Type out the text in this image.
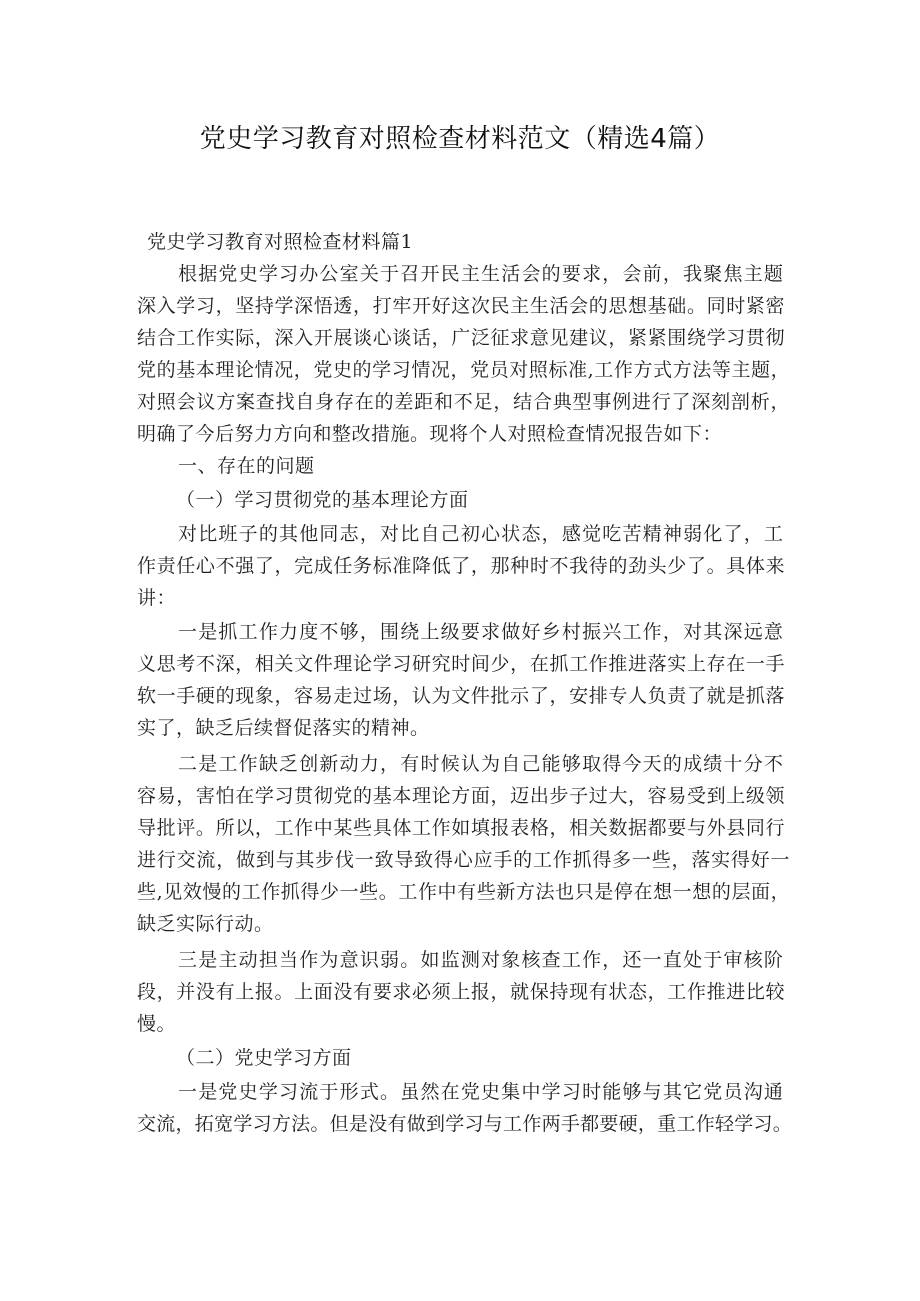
党史学习教育对照检查材料范文（精选4篇）
党史学习教育对照检查材料篇1
根 据 党 史 学 习 办 公 室 关 于 召 开 民 主 生 活 会 的 要 求 ， 会 前 ， 我 聚 焦 主 题
深 入 学 习 ， 坚 持 学 深 悟 透 ， 打 牢 开 好 这 次 民 主 生 活 会 的 思 想 基 础 。 同 时 紧 密
结 合 工 作 实 际 ， 深 入 开 展 谈 心 谈 话 ， 广 泛 征 求 意 见 建 议 ， 紧 紧 围 绕 学 习 贯 彻
党 的 基 本 理 论 情 况 ， 党 史 的 学 习 情 况 ， 党 员 对 照 标 准 , 工 作 方 式 方 法 等 主 题 ，
对 照 会 议 方 案 查 找 自 身 存 在 的 差 距 和 不 足 ， 结 合 典 型 事 例 进 行 了 深 刻 剖 析 ，
明确了今后努力方向和整改措施。现将个人对照检查情况报告如下：
一、存在的问题
（一）学习贯彻党的基本理论方面
对 比 班 子 的 其 他 同 志 ， 对 比 自 己 初 心 状 态 ， 感 觉 吃 苦 精 神 弱 化 了 ， 工
作 责 任 心 不 强 了 ， 完 成 任 务 标 准 降 低 了 ， 那 种 时 不 我 待 的 劲 头 少 了 。 具 体 来
讲：
一 是 抓 工 作 力 度 不 够 ， 围 绕 上 级 要 求 做 好 乡 村 振 兴 工 作 ， 对 其 深 远 意
义 思 考 不 深 ， 相 关 文 件 理 论 学 习 研 究 时 间 少 ， 在 抓 工 作 推 进 落 实 上 存 在 一 手
软 一 手 硬 的 现 象 ， 容 易 走 过 场 ， 认 为 文 件 批 示 了 ， 安 排 专 人 负 责 了 就 是 抓 落
实了，缺乏后续督促落实的精神。
二 是 工 作 缺 乏 创 新 动 力 ， 有 时 候 认 为 自 己 能 够 取 得 今 天 的 成 绩 十 分 不
容 易 ， 害 怕 在 学 习 贯 彻 党 的 基 本 理 论 方 面 ， 迈 出 步 子 过 大 ， 容 易 受 到 上 级 领
导 批 评 。 所 以 ， 工 作 中 某 些 具 体 工 作 如 填 报 表 格 ， 相 关 数 据 都 要 与 外 县 同 行
进 行 交 流 ， 做 到 与 其 步 伐 一 致 导 致 得 心 应 手 的 工 作 抓 得 多 一 些 ， 落 实 得 好 一
些 , 见 效 慢 的 工 作 抓 得 少 一 些 。 工 作 中 有 些 新 方 法 也 只 是 停 在 想 一 想 的 层 面 ，
缺乏实际行动。
三 是 主 动 担 当 作 为 意 识 弱 。 如 监 测 对 象 核 查 工 作 ， 还 一 直 处 于 审 核 阶
段 ， 并 没 有 上 报 。 上 面 没 有 要 求 必 须 上 报 ， 就 保 持 现 有 状 态 ， 工 作 推 进 比 较
慢。
（二）党史学习方面
一 是 党 史 学 习 流 于 形 式 。 虽 然 在 党 史 集 中 学 习 时 能 够 与 其 它 党 员 沟 通
交 流 ， 拓 宽 学 习 方 法 。 但 是 没 有 做 到 学 习 与 工 作 两 手 都 要 硬 ， 重 工 作 轻 学 习 。
